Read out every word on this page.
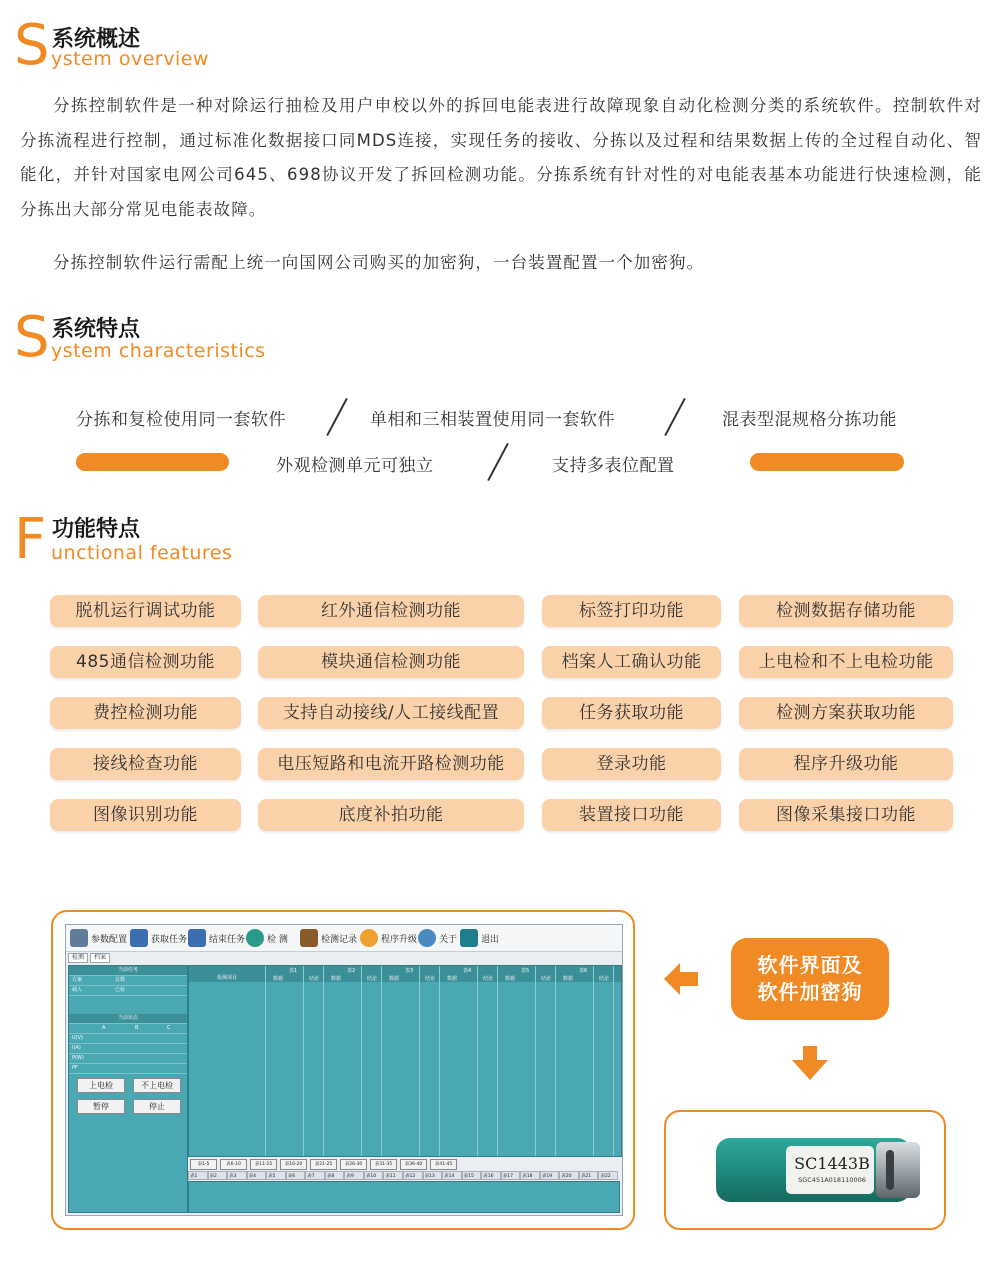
S 系统概述
ystem overview

分拣控制软件是一种对除运行抽检及用户申校以外的拆回电能表进行故障现象自动化检测分类的系统软件。控制软件对分拣流程进行控制，通过标准化数据接口同MDS连接，实现任务的接收、分拣以及过程和结果数据上传的全过程自动化、智能化，并针对国家电网公司645、698协议开发了拆回检测功能。分拣系统有针对性的对电能表基本功能进行快速检测，能分拣出大部分常见电能表故障。

分拣控制软件运行需配上统一向国网公司购买的加密狗，一台装置配置一个加密狗。

S 系统特点
ystem characteristics
分拣和复检使用同一套软件	单相和三相装置使用同一套软件	混表型混规格分拣功能
外观检测单元可独立	支持多表位配置
F 功能特点
unctional features
脱机运行调试功能	红外通信检测功能	标签打印功能	检测数据存储功能
485通信检测功能	模块通信检测功能	档案人工确认功能	上电检和不上电检功能
费控检测功能	支持自动接线/人工接线配置	任务获取功能	检测方案获取功能
接线检查功能	电压短路和电流开路检测功能	登录功能	程序升级功能
图像识别功能	底度补拍功能	装置接口功能	图像采集接口功能
参数配置	获取任务 结束任务 检 测	检测记录	程序升级 关于	退出
检测	档案
当前任务
方案	总数
载入	已检
当前状态
A	B	C
U(V)
I(A)
P(W)
PF
上电检	不上电检
暂停	停止
检测项目
表1	表2	表3	表4	表5	表6
数据	结论 数据	结论 数据	结论 数据	结论 数据	结论 数据	结论
表1-5	表6-10	表11-15	表16-20	表21-25	表26-30	表31-35	表36-40	表41-45
表1	表2	表3	表4	表5	表6	表7	表8	表9	表10	表11	表12	表13	表14	表15	表16	表17	表18	表19	表20	表21	表22
软件界面及
软件加密狗
SC1443B
SGC451A018110006
